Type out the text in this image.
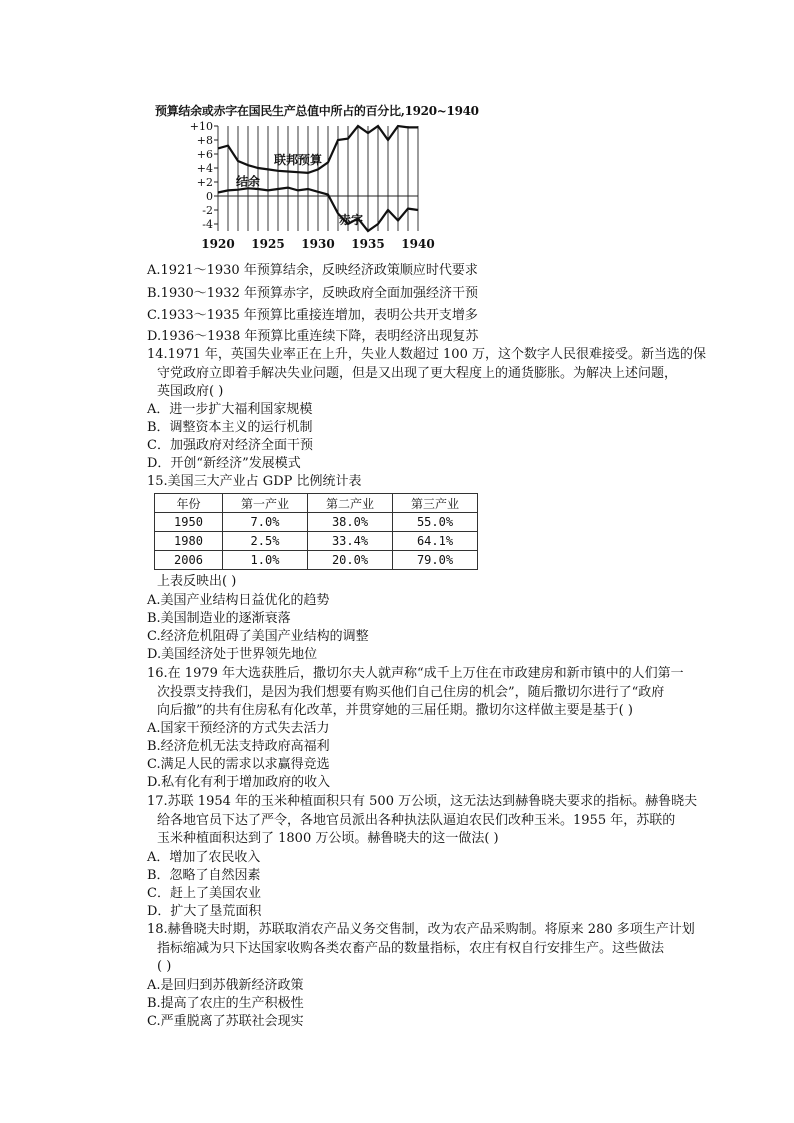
预算结余或赤字在国民生产总值中所占的百分比,1920~1940
+10
+8
+6
+4
+2
0
-2
-4
1920 1925 1930 1935 1940
联邦预算
结余
赤字
A.1921～1930 年预算结余，反映经济政策顺应时代要求
B.1930～1932 年预算赤字，反映政府全面加强经济干预
C.1933～1935 年预算比重接连增加，表明公共开支增多
D.1936～1938 年预算比重连续下降，表明经济出现复苏
14.1971 年，英国失业率正在上升，失业人数超过 100 万，这个数字人民很难接受。新当选的保
守党政府立即着手解决失业问题，但是又出现了更大程度上的通货膨胀。为解决上述问题，
英国政府( )
A．进一步扩大福利国家规模
B．调整资本主义的运行机制
C．加强政府对经济全面干预
D．开创“新经济”发展模式
15.美国三大产业占 GDP 比例统计表
年份	第一产业	第二产业	第三产业
1950	7.0%	38.0%	55.0%
1980	2.5%	33.4%	64.1%
2006	1.0%	20.0%	79.0%
上表反映出( )
A.美国产业结构日益优化的趋势
B.美国制造业的逐渐衰落
C.经济危机阻碍了美国产业结构的调整
D.美国经济处于世界领先地位
16.在 1979 年大选获胜后，撒切尔夫人就声称“成千上万住在市政建房和新市镇中的人们第一
次投票支持我们，是因为我们想要有购买他们自己住房的机会”，随后撒切尔进行了“政府
向后撤”的共有住房私有化改革，并贯穿她的三届任期。撒切尔这样做主要是基于( )
A.国家干预经济的方式失去活力
B.经济危机无法支持政府高福利
C.满足人民的需求以求赢得竞选
D.私有化有利于增加政府的收入
17.苏联 1954 年的玉米种植面积只有 500 万公顷，这无法达到赫鲁晓夫要求的指标。赫鲁晓夫
给各地官员下达了严令，各地官员派出各种执法队逼迫农民们改种玉米。1955 年，苏联的
玉米种植面积达到了 1800 万公顷。赫鲁晓夫的这一做法( )
A．增加了农民收入
B．忽略了自然因素
C．赶上了美国农业
D．扩大了垦荒面积
18.赫鲁晓夫时期，苏联取消农产品义务交售制，改为农产品采购制。将原来 280 多项生产计划
指标缩减为只下达国家收购各类农畜产品的数量指标，农庄有权自行安排生产。这些做法
( )
A.是回归到苏俄新经济政策
B.提高了农庄的生产积极性
C.严重脱离了苏联社会现实
